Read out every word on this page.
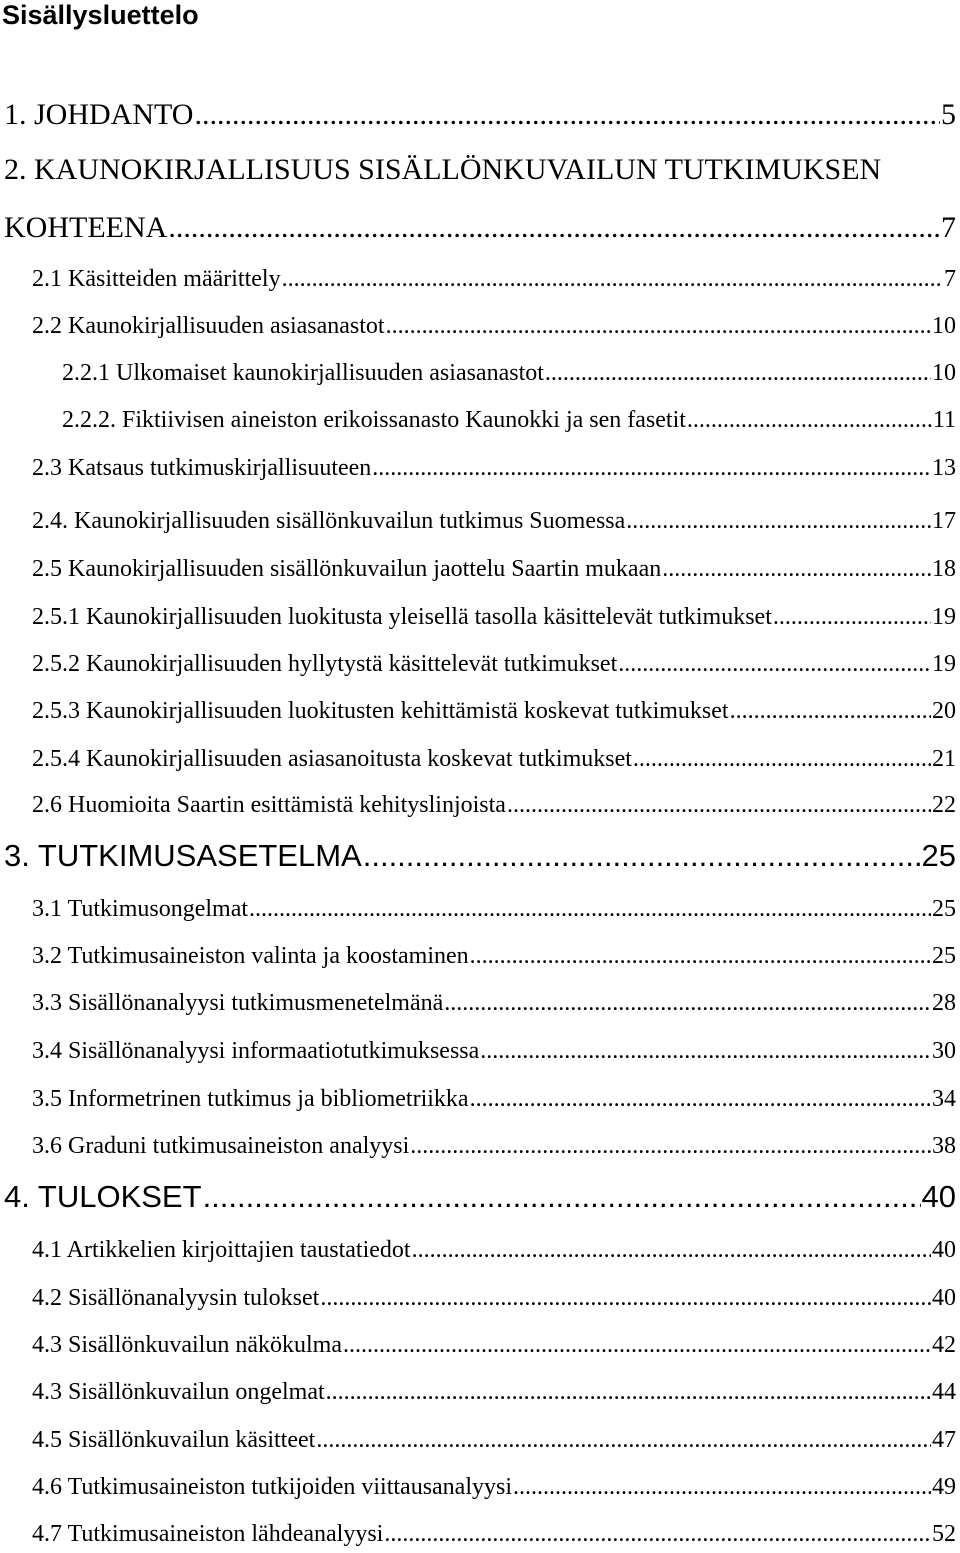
Sisällysluettelo
1. JOHDANTO .....	5
2. KAUNOKIRJALLISUUS SISÄLLÖNKUVAILUN TUTKIMUKSEN
KOHTEENA .....	7
2.1 Käsitteiden määrittely .....	7
2.2 Kaunokirjallisuuden asiasanastot .....	10
2.2.1 Ulkomaiset kaunokirjallisuuden asiasanastot .....	10
2.2.2. Fiktiivisen aineiston erikoissanasto Kaunokki ja sen fasetit .....	11
2.3 Katsaus tutkimuskirjallisuuteen .....	13
2.4. Kaunokirjallisuuden sisällönkuvailun tutkimus Suomessa .....	17
2.5 Kaunokirjallisuuden sisällönkuvailun jaottelu Saartin mukaan .....	18
2.5.1 Kaunokirjallisuuden luokitusta yleisellä tasolla käsittelevät tutkimukset .....	19
2.5.2 Kaunokirjallisuuden hyllytystä käsittelevät tutkimukset .....	19
2.5.3 Kaunokirjallisuuden luokitusten kehittämistä koskevat tutkimukset .....	20
2.5.4 Kaunokirjallisuuden asiasanoitusta koskevat tutkimukset .....	21
2.6 Huomioita Saartin esittämistä kehityslinjoista .....	22
3. TUTKIMUSASETELMA .....	25
3.1 Tutkimusongelmat .....	25
3.2 Tutkimusaineiston valinta ja koostaminen .....	25
3.3 Sisällönanalyysi tutkimusmenetelmänä .....	28
3.4 Sisällönanalyysi informaatiotutkimuksessa .....	30
3.5 Informetrinen tutkimus ja bibliometriikka .....	34
3.6 Graduni tutkimusaineiston analyysi .....	38
4. TULOKSET .....	40
4.1 Artikkelien kirjoittajien taustatiedot .....	40
4.2 Sisällönanalyysin tulokset .....	40
4.3 Sisällönkuvailun näkökulma .....	42
4.3 Sisällönkuvailun ongelmat .....	44
4.5 Sisällönkuvailun käsitteet .....	47
4.6 Tutkimusaineiston tutkijoiden viittausanalyysi .....	49
4.7 Tutkimusaineiston lähdeanalyysi .....	52
